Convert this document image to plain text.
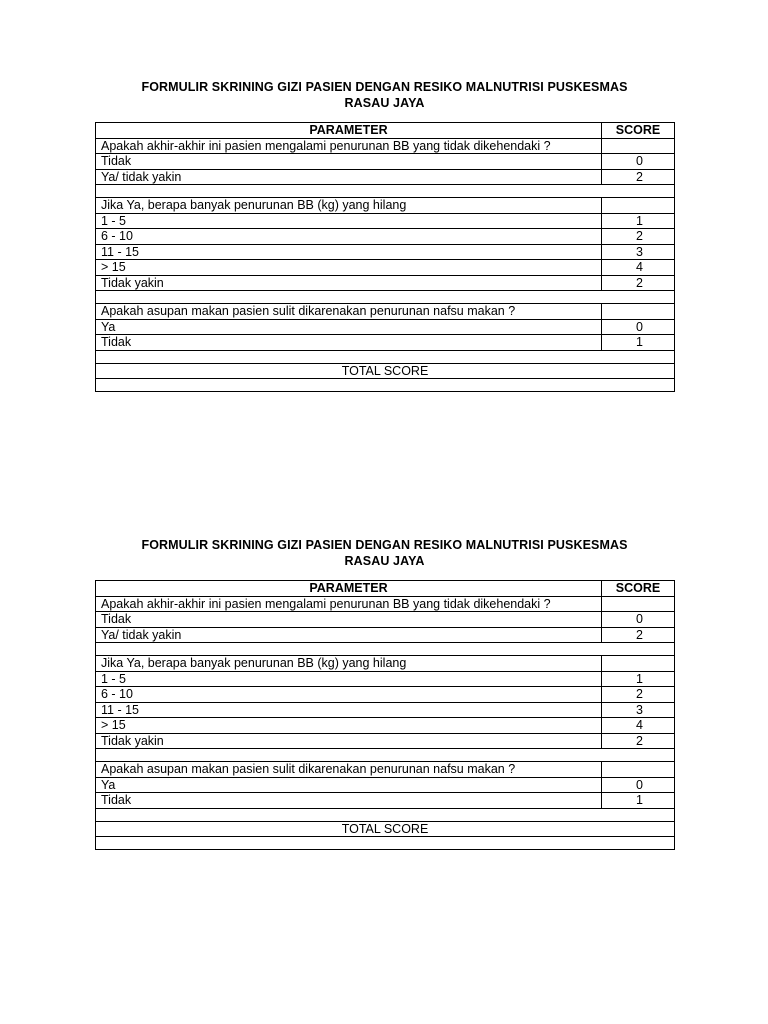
FORMULIR SKRINING GIZI PASIEN DENGAN RESIKO MALNUTRISI PUSKESMAS
RASAU JAYA
PARAMETER	SCORE
Apakah akhir-akhir ini pasien mengalami penurunan BB yang tidak dikehendaki ?	
Tidak	0
Ya/ tidak yakin	2

Jika Ya, berapa banyak penurunan BB (kg) yang hilang	
1 - 5	1
6 - 10	2
11 - 15	3
> 15	4
Tidak yakin	2

Apakah asupan makan pasien sulit dikarenakan penurunan nafsu makan ?	
Ya	0
Tidak	1

TOTAL SCORE	

FORMULIR SKRINING GIZI PASIEN DENGAN RESIKO MALNUTRISI PUSKESMAS
RASAU JAYA
PARAMETER	SCORE
Apakah akhir-akhir ini pasien mengalami penurunan BB yang tidak dikehendaki ?	
Tidak	0
Ya/ tidak yakin	2

Jika Ya, berapa banyak penurunan BB (kg) yang hilang	
1 - 5	1
6 - 10	2
11 - 15	3
> 15	4
Tidak yakin	2

Apakah asupan makan pasien sulit dikarenakan penurunan nafsu makan ?	
Ya	0
Tidak	1

TOTAL SCORE	
